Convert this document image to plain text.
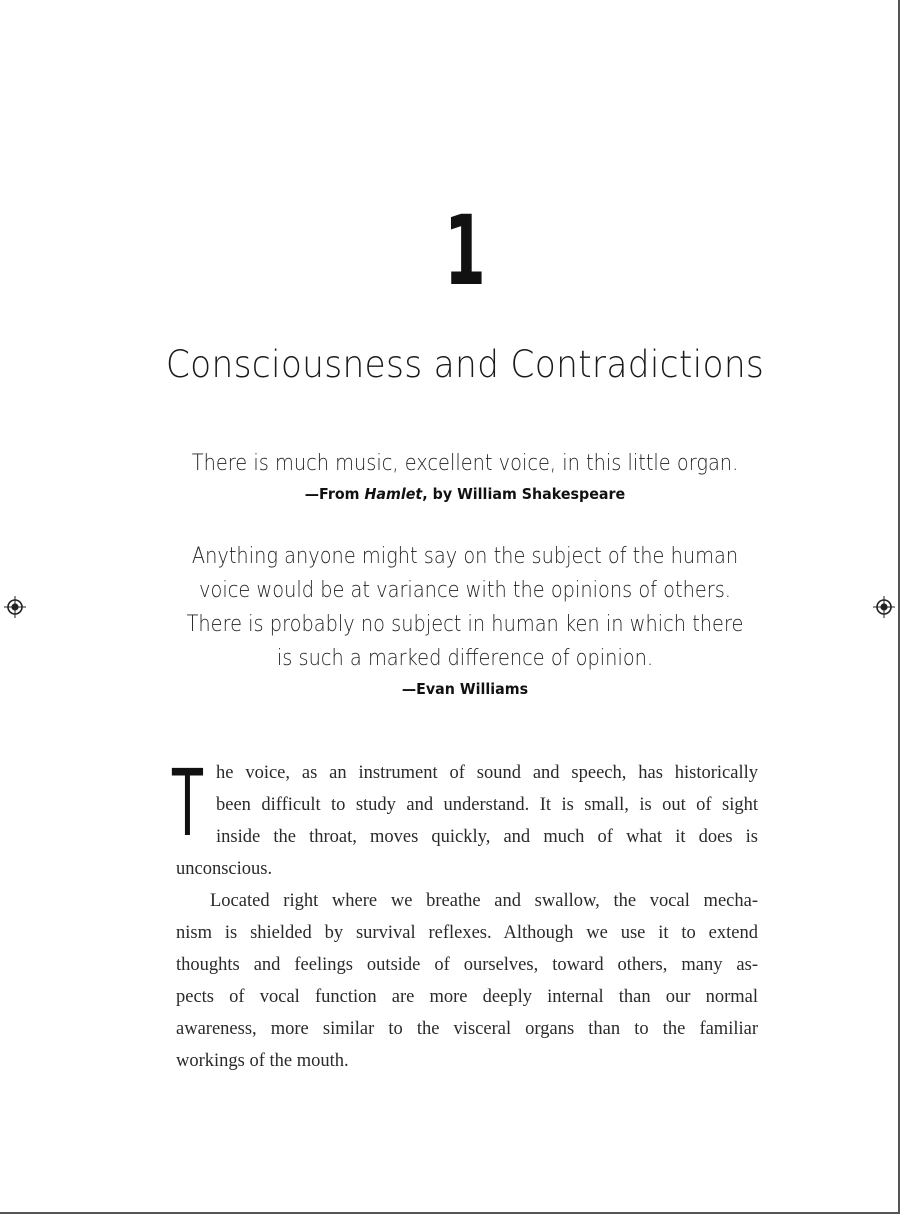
1
Consciousness and Contradictions
There is much music, excellent voice, in this little organ.
—From Hamlet, by William Shakespeare
Anything anyone might say on the subject of the human
voice would be at variance with the opinions of others.
There is probably no subject in human ken in which there
is such a marked difference of opinion.
—Evan Williams
T he voice, as an instrument of sound and speech, has historically
been difficult to study and understand. It is small, is out of sight
inside the throat, moves quickly, and much of what it does is
unconscious.
Located right where we breathe and swallow, the vocal mecha-
nism is shielded by survival reflexes. Although we use it to extend
thoughts and feelings outside of ourselves, toward others, many as-
pects of vocal function are more deeply internal than our normal
awareness, more similar to the visceral organs than to the familiar
workings of the mouth.
